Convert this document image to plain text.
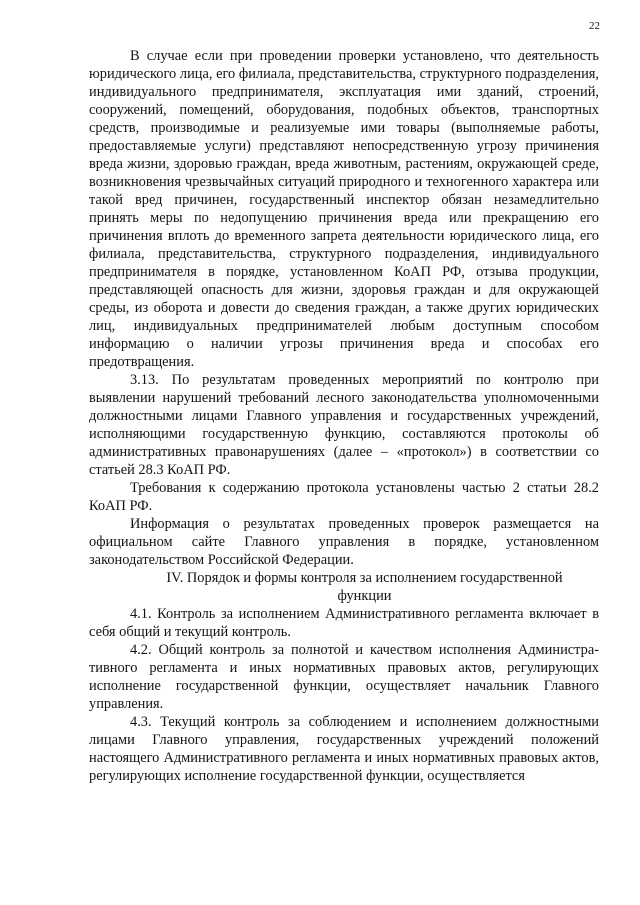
22

В случае если при проведении проверки установлено, что деятельность юридического лица, его филиала, представительства, структурного подразделения, индивидуального предпринимателя, эксплуатация ими зданий, строений, сооружений, помещений, оборудования, подобных объектов, транспортных средств, производимые и реализуемые ими товары (выполняемые работы, предоставляемые услуги) представляют непосредственную угрозу причинения вреда жизни, здоровью граждан, вреда животным, растениям, окружающей среде, возникновения чрезвычайных ситуаций природного и техногенного характера или такой вред причинен, государственный инспектор обязан незамедлительно принять меры по недопущению причинения вреда или прекращению его причинения вплоть до временного запрета деятельности юридического лица, его филиала, представительства, структурного подразделения, индивидуального предпринимателя в порядке, установленном КоАП РФ, отзыва продукции, представляющей опасность для жизни, здоровья граждан и для окружающей среды, из оборота и довести до сведения граждан, а также других юридических лиц, индивидуальных предпринимателей любым доступным способом информацию о наличии угрозы причинения вреда и способах его предотвращения.

3.13. По результатам проведенных мероприятий по контролю при выявлении нарушений требований лесного законодательства уполномоченными должностными лицами Главного управления и государственных учреждений, исполняющими государственную функцию, составляются протоколы об административных правонарушениях (далее – «протокол») в соответствии со статьей 28.3 КоАП РФ.

Требования к содержанию протокола установлены частью 2 статьи 28.2 КоАП РФ.

Информация о результатах проведенных проверок размещается на официальном сайте Главного управления в порядке, установленном законодательством Российской Федерации.

IV. Порядок и формы контроля за исполнением государственной
функции

4.1. Контроль за исполнением Административного регламента включает в себя общий и текущий контроль.

4.2. Общий контроль за полнотой и качеством исполнения Администра-тивного регламента и иных нормативных правовых актов, регулирующих исполнение государственной функции, осуществляет начальник Главного управления.

4.3. Текущий контроль за соблюдением и исполнением должностными лицами Главного управления, государственных учреждений положений настоящего Административного регламента и иных нормативных правовых актов, регулирующих исполнение государственной функции, осуществляется
